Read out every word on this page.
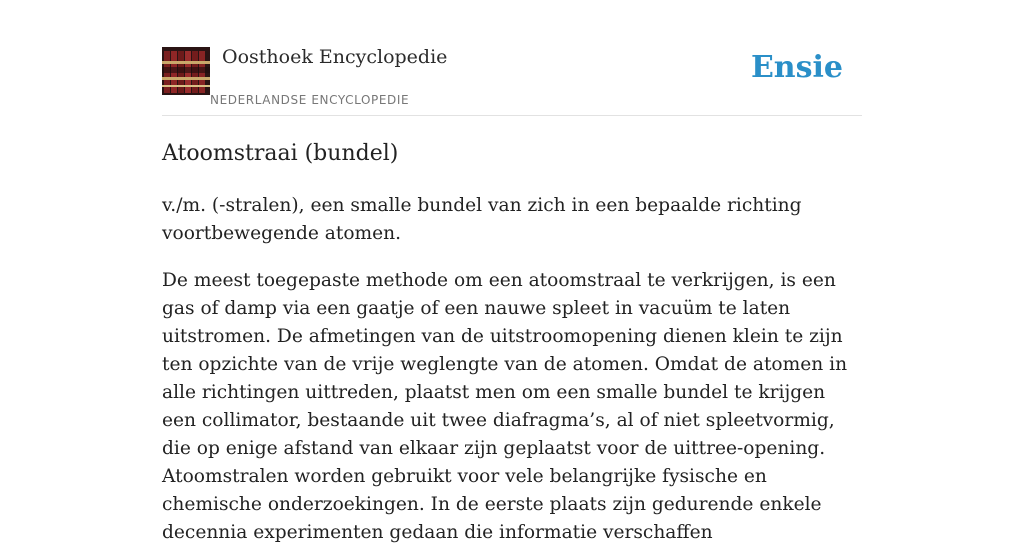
Oosthoek Encyclopedie
NEDERLANDSE ENCYCLOPEDIE
Ensie
Atoomstraai (bundel)

v./m. (-stralen), een smalle bundel van zich in een bepaalde richting voortbewegende atomen.

De meest toegepaste methode om een atoomstraal te verkrijgen, is een gas of damp via een gaatje of een nauwe spleet in vacuüm te laten uitstromen. De afmetingen van de uitstroomopening dienen klein te zijn ten opzichte van de vrije weglengte van de atomen. Omdat de atomen in alle richtingen uittreden, plaatst men om een smalle bundel te krijgen een collimator, bestaande uit twee diafragma’s, al of niet spleetvormig, die op enige afstand van elkaar zijn geplaatst voor de uittree-opening. Atoomstralen worden gebruikt voor vele belangrijke fysische en chemische onderzoekingen. In de eerste plaats zijn gedurende enkele decennia experimenten gedaan die informatie verschaffen
